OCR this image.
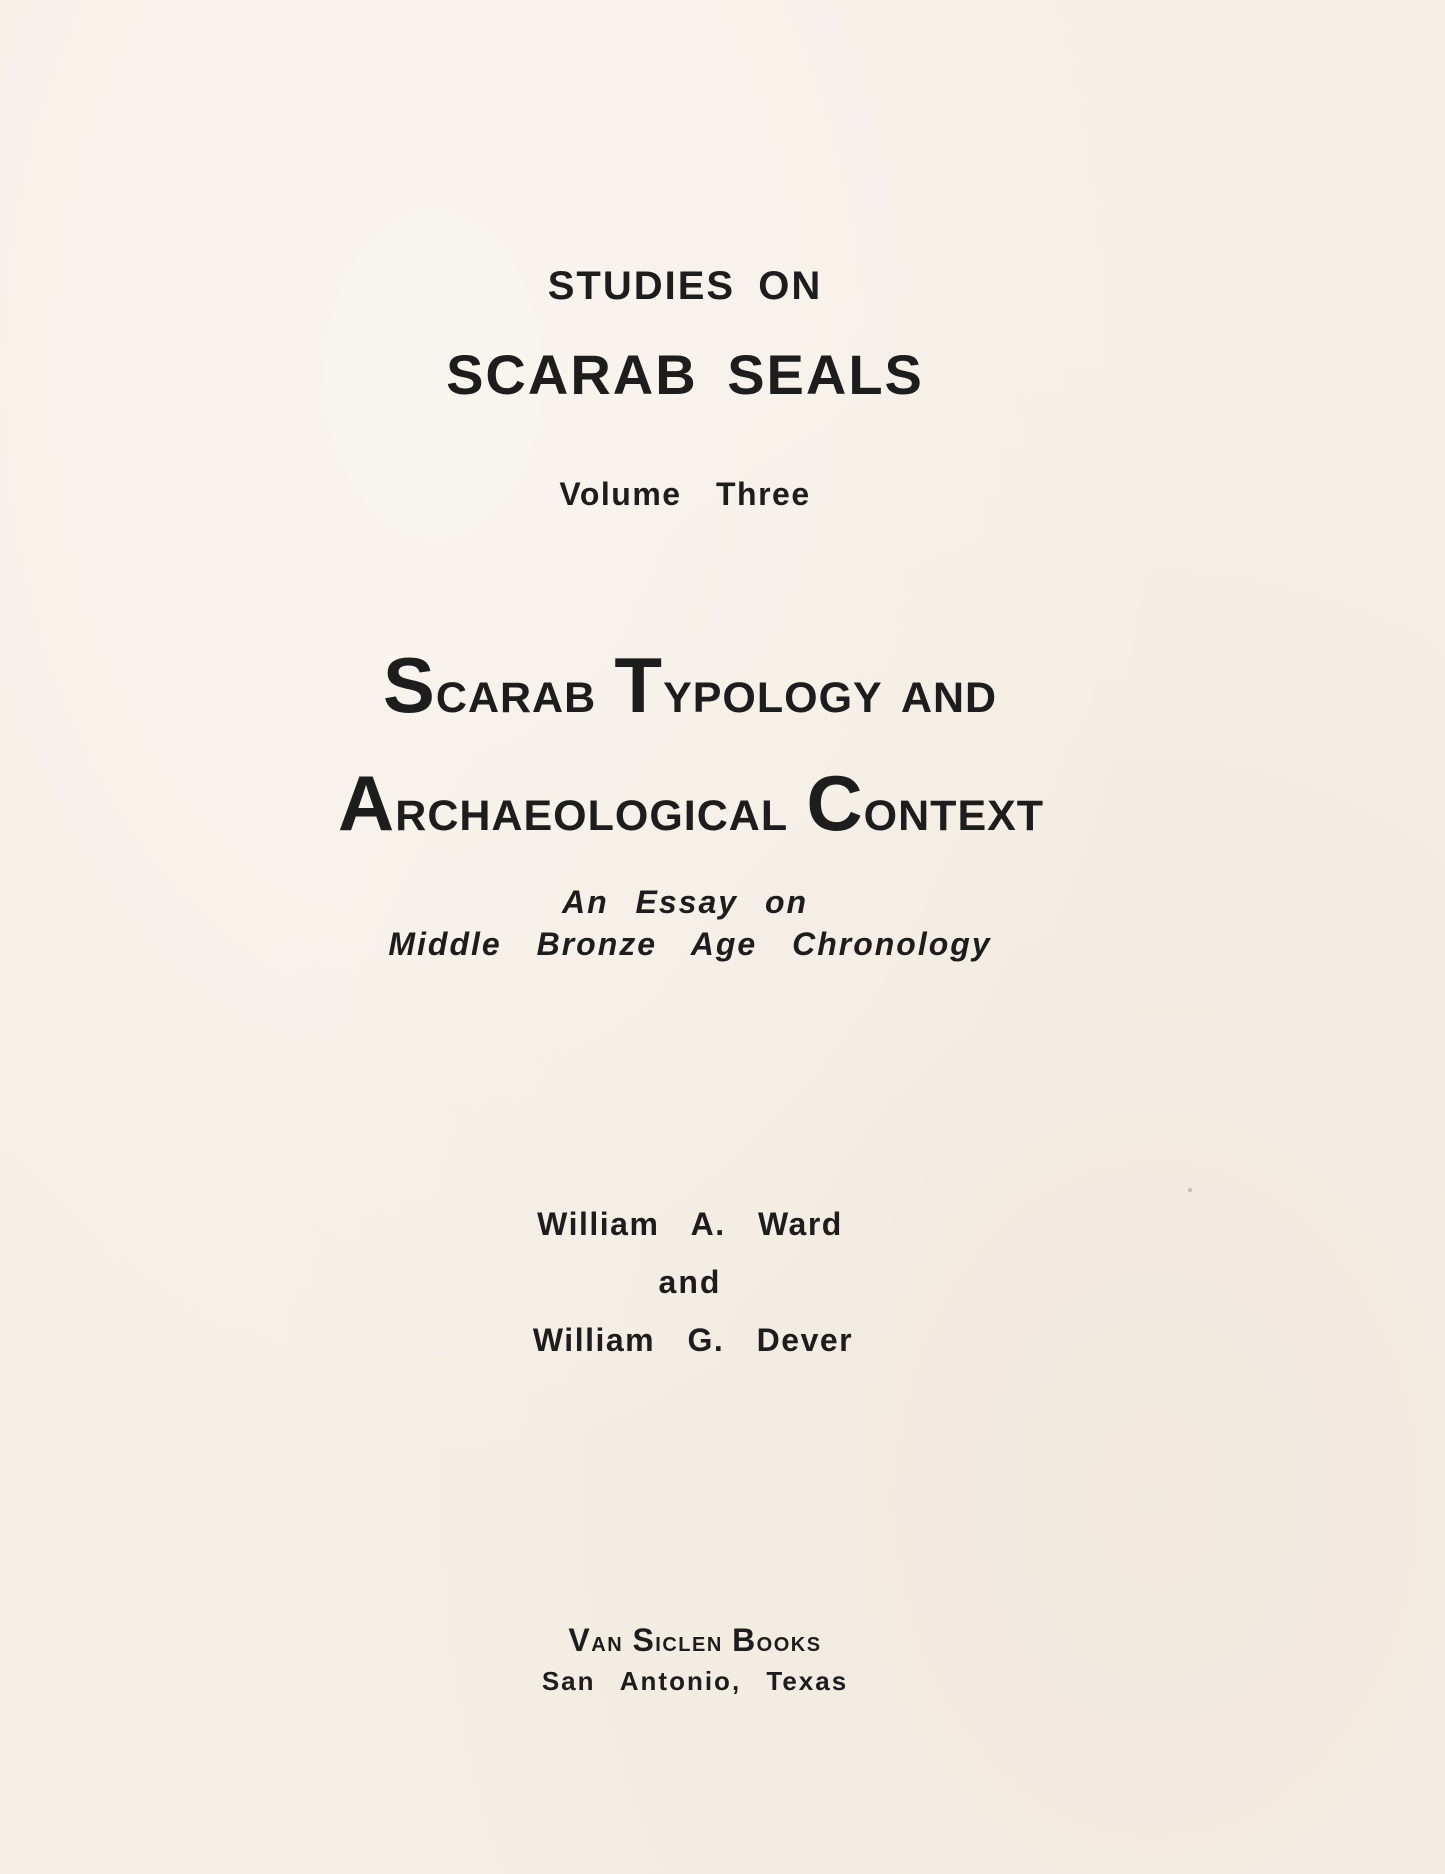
STUDIES ON

SCARAB SEALS

Volume Three

Scarab Typology and
Archaeological Context

An Essay on

Middle Bronze Age Chronology

William A. Ward

and

William G. Dever

Van Siclen Books

San Antonio, Texas
